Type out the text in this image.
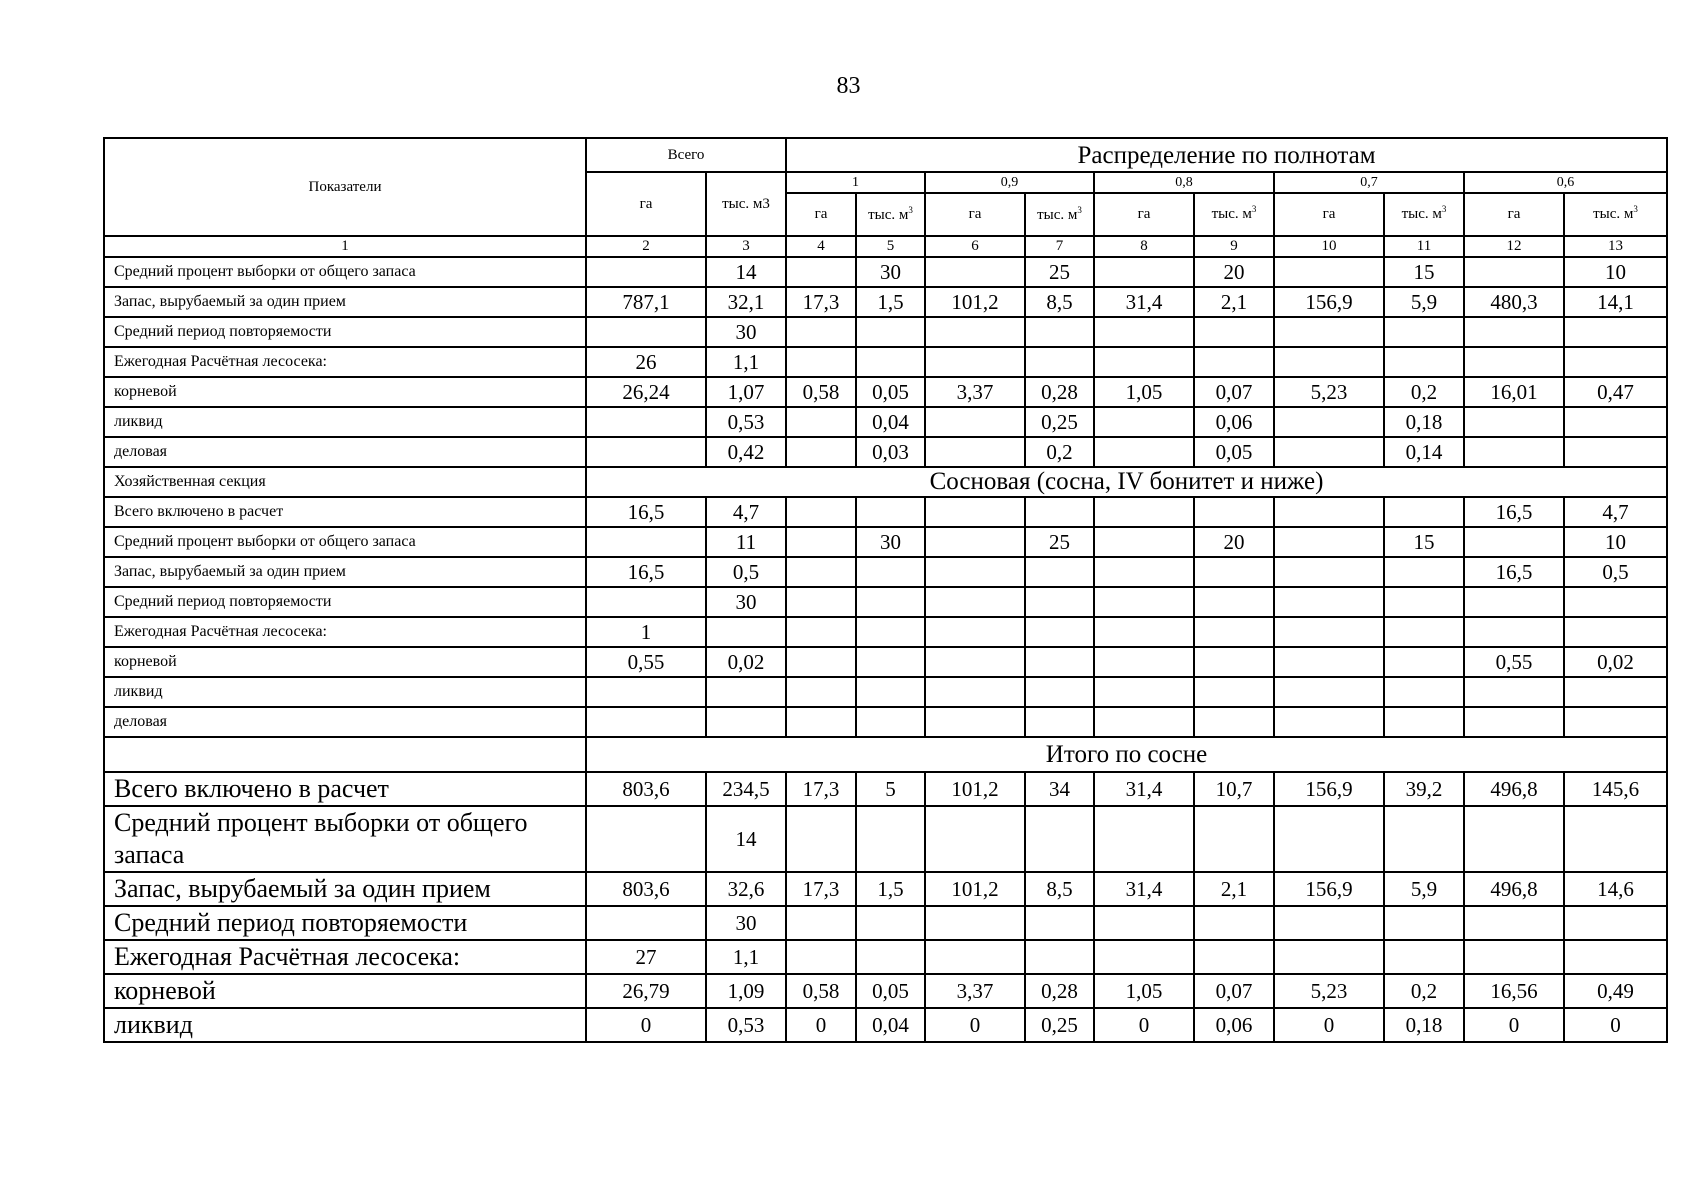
83
Показатели	Всего		Распределение по полнотам									
	га	тыс. м3	1		0,9		0,8		0,7		0,6	
			га	тыс. $м^3$	га	тыс. $м^3$	га	тыс. $м^3$	га	тыс. $м^3$	га	тыс. $м^3$
1	2	3	4	5	6	7	8	9	10	11	12	13
Средний процент выборки от общего запаса		14		30		25		20		15		10
Запас, вырубаемый за один прием	787,1	32,1	17,3	1,5	101,2	8,5	31,4	2,1	156,9	5,9	480,3	14,1
Средний период повторяемости		30										
Ежегодная Расчётная лесосека:	26	1,1										
корневой	26,24	1,07	0,58	0,05	3,37	0,28	1,05	0,07	5,23	0,2	16,01	0,47
ликвид		0,53		0,04		0,25		0,06		0,18		
деловая		0,42		0,03		0,2		0,05		0,14		
Хозяйственная секция	Сосновая (сосна, IV бонитет и ниже)											
Всего включено в расчет	16,5	4,7									16,5	4,7
Средний процент выборки от общего запаса		11		30		25		20		15		10
Запас, вырубаемый за один прием	16,5	0,5									16,5	0,5
Средний период повторяемости		30										
Ежегодная Расчётная лесосека:	1											
корневой	0,55	0,02									0,55	0,02
ликвид												
деловая												
	Итого по сосне											
Всего включено в расчет	803,6	234,5	17,3	5	101,2	34	31,4	10,7	156,9	39,2	496,8	145,6
Средний процент выборки от общего запаса		14										
Запас, вырубаемый за один прием	803,6	32,6	17,3	1,5	101,2	8,5	31,4	2,1	156,9	5,9	496,8	14,6
Средний период повторяемости		30										
Ежегодная Расчётная лесосека:	27	1,1										
корневой	26,79	1,09	0,58	0,05	3,37	0,28	1,05	0,07	5,23	0,2	16,56	0,49
ликвид	0	0,53	0	0,04	0	0,25	0	0,06	0	0,18	0	0
